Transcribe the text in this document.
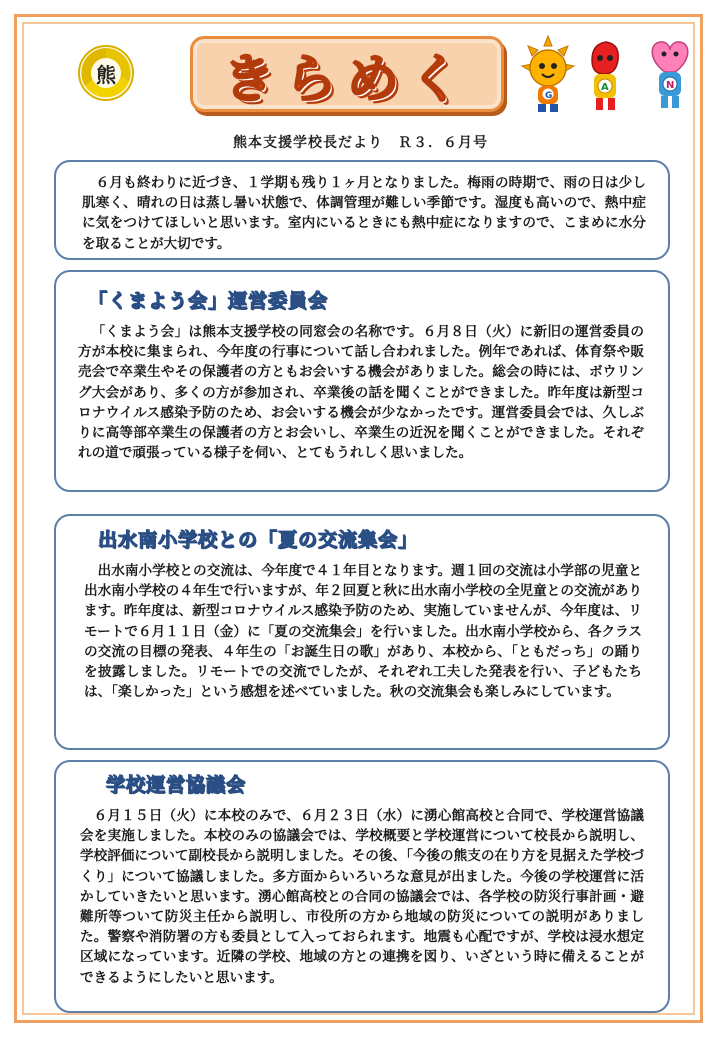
熊	きらめく	G
A	N
熊本支援学校長だより　Ｒ３．６月号

６月も終わりに近づき、１学期も残り１ヶ月となりました。梅雨の時期で、雨の日は少し肌寒く、晴れの日は蒸し暑い状態で、体調管理が難しい季節です。湿度も高いので、熱中症に気をつけてほしいと思います。室内にいるときにも熱中症になりますので、こまめに水分を取ることが大切です。

「くまよう会」運営委員会

「くまよう会」は熊本支援学校の同窓会の名称です。６月８日（火）に新旧の運営委員の方が本校に集まられ、今年度の行事について話し合われました。例年であれば、体育祭や販売会で卒業生やその保護者の方ともお会いする機会がありました。総会の時には、ボウリング大会があり、多くの方が参加され、卒業後の話を聞くことができました。昨年度は新型コロナウイルス感染予防のため、お会いする機会が少なかったです。運営委員会では、久しぶりに高等部卒業生の保護者の方とお会いし、卒業生の近況を聞くことができました。それぞれの道で頑張っている様子を伺い、とてもうれしく思いました。

出水南小学校との「夏の交流集会」

出水南小学校との交流は、今年度で４１年目となります。週１回の交流は小学部の児童と出水南小学校の４年生で行いますが、年２回夏と秋に出水南小学校の全児童との交流があります。昨年度は、新型コロナウイルス感染予防のため、実施していませんが、今年度は、リモートで６月１１日（金）に「夏の交流集会」を行いました。出水南小学校から、各クラスの交流の目標の発表、４年生の「お誕生日の歌」があり、本校から、「ともだっち」の踊りを披露しました。リモートでの交流でしたが、それぞれ工夫した発表を行い、子どもたちは、「楽しかった」という感想を述べていました。秋の交流集会も楽しみにしています。

学校運営協議会

６月１５日（火）に本校のみで、６月２３日（水）に湧心館高校と合同で、学校運営協議会を実施しました。本校のみの協議会では、学校概要と学校運営について校長から説明し、学校評価について副校長から説明しました。その後、「今後の熊支の在り方を見据えた学校づくり」について協議しました。多方面からいろいろな意見が出ました。今後の学校運営に活かしていきたいと思います。湧心館高校との合同の協議会では、各学校の防災行事計画・避難所等ついて防災主任から説明し、市役所の方から地域の防災についての説明がありました。警察や消防署の方も委員として入っておられます。地震も心配ですが、学校は浸水想定区域になっています。近隣の学校、地域の方との連携を図り、いざという時に備えることができるようにしたいと思います。
